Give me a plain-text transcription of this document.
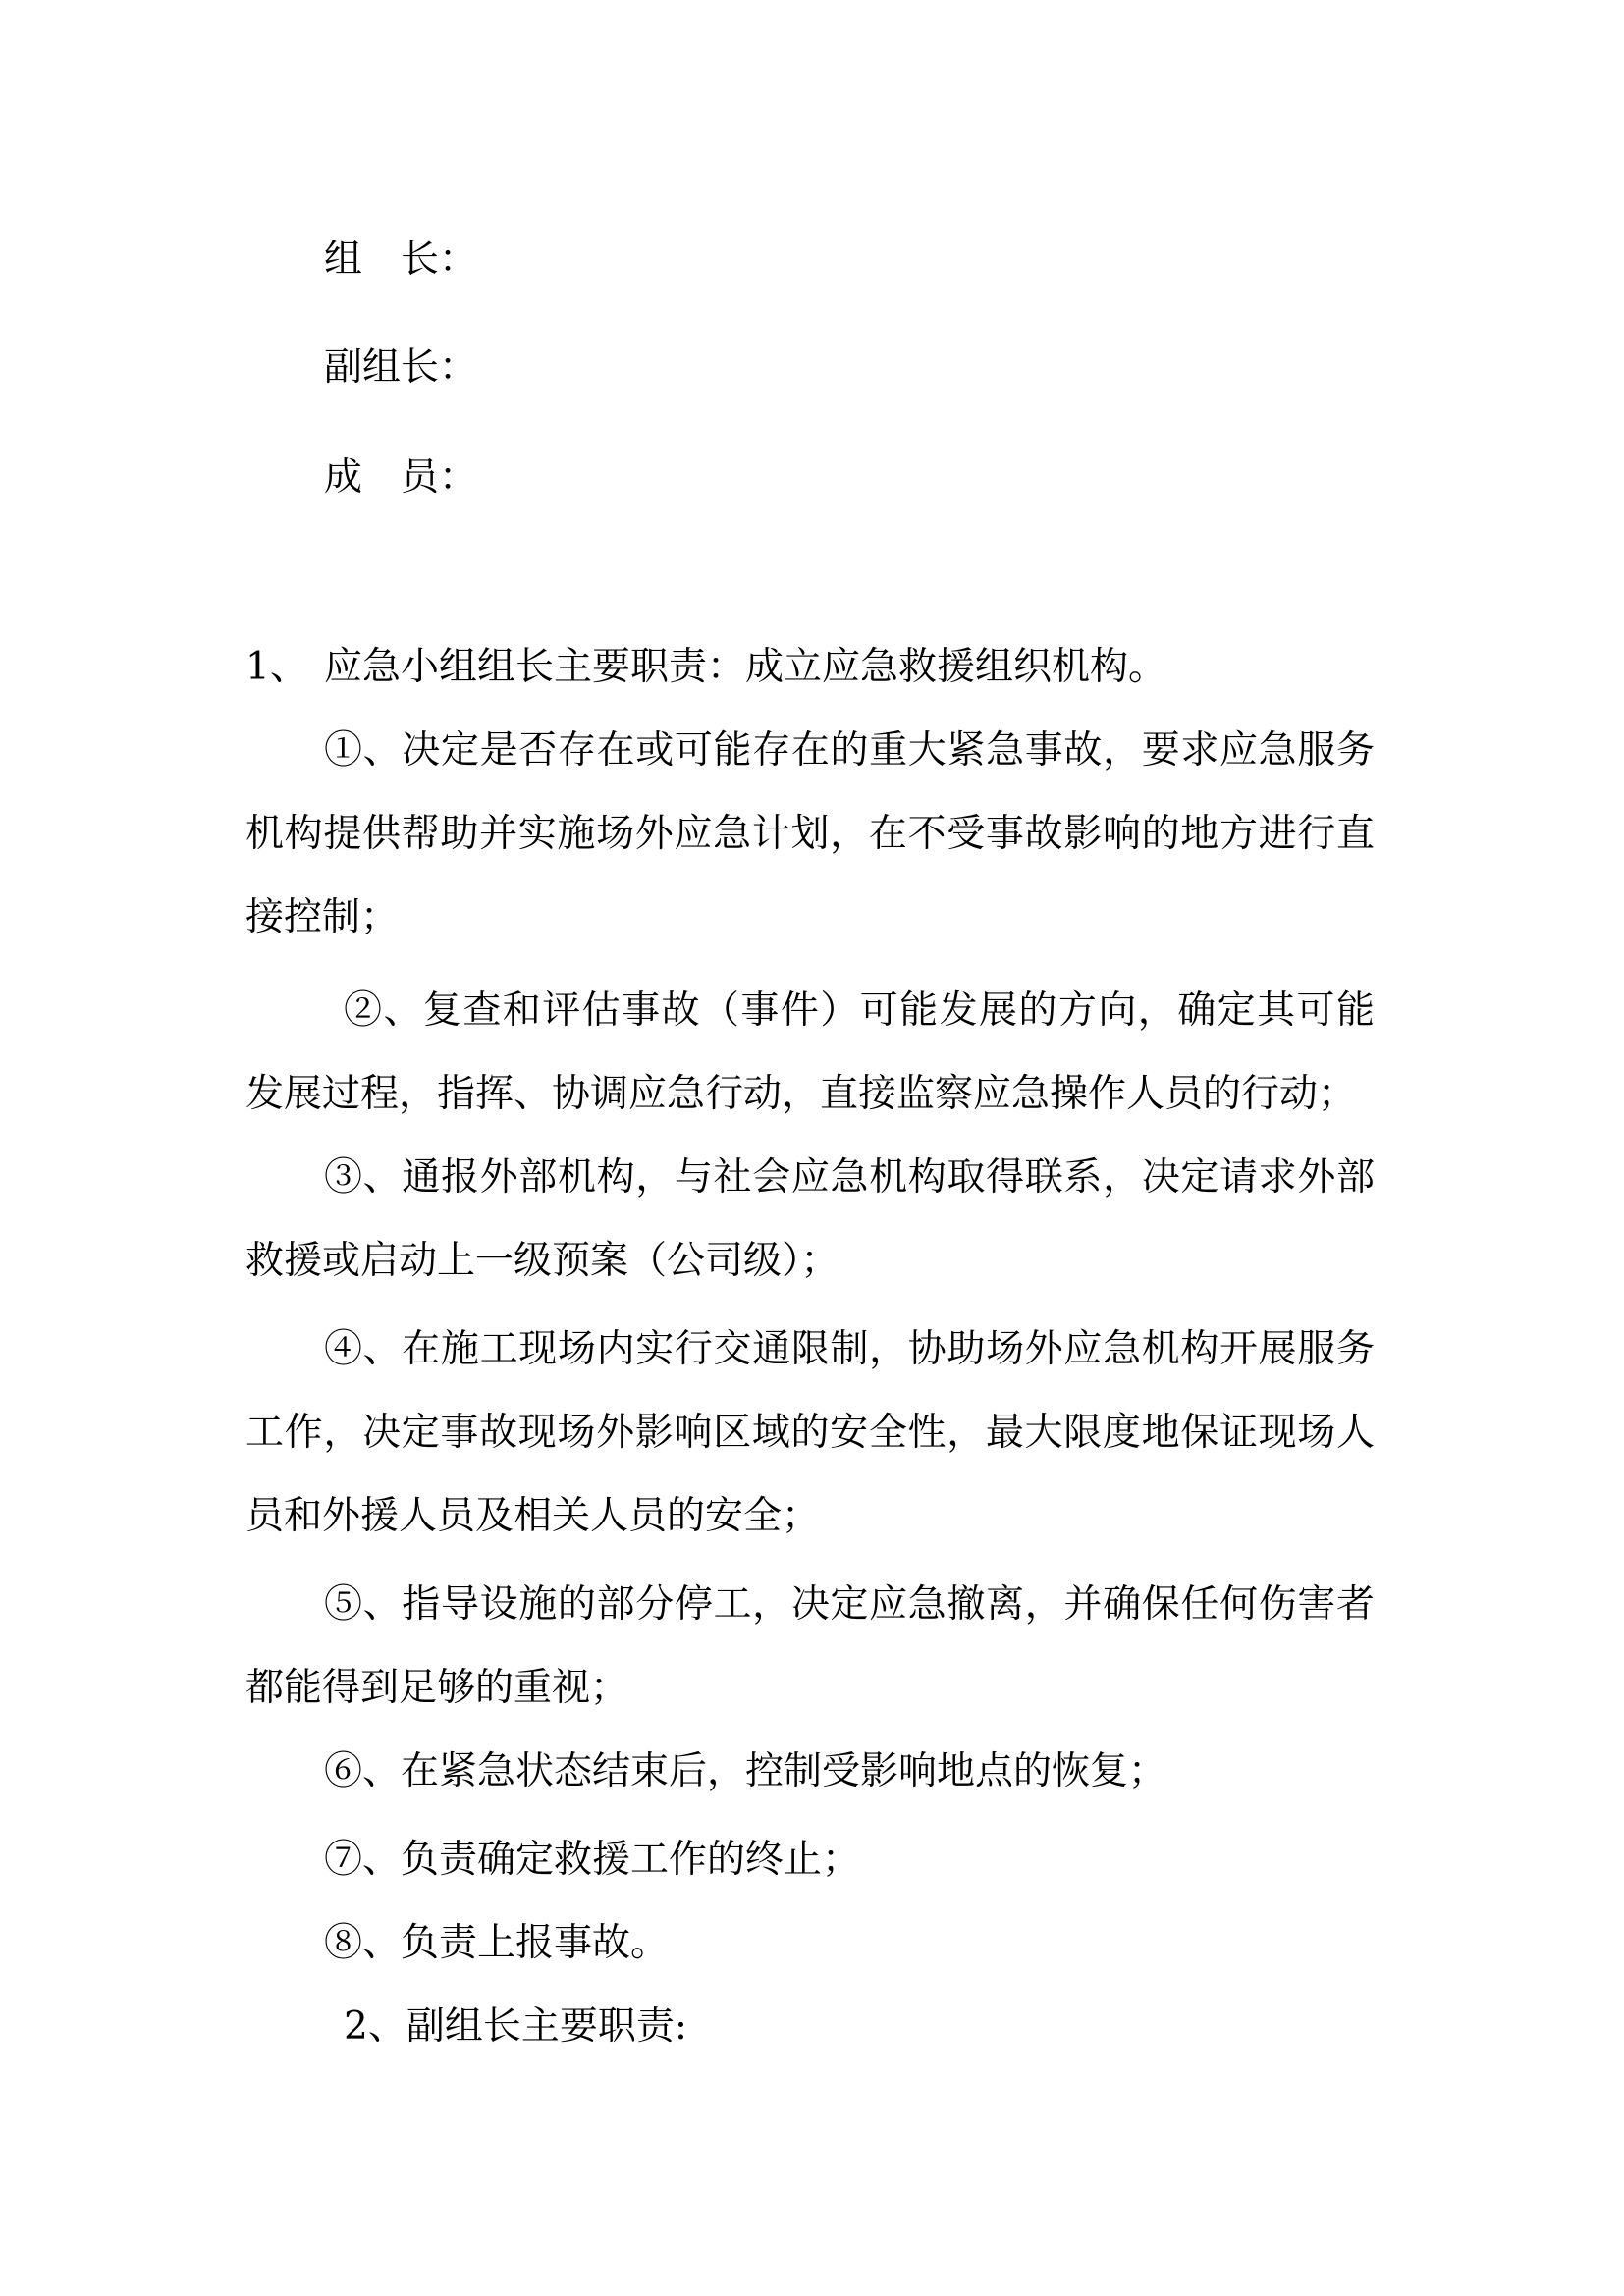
组　长：
副组长：
成　员：
1、 应急小组组长主要职责：成立应急救援组织机构。
①、决定是否存在或可能存在的重大紧急事故，要求应急服务
机构提供帮助并实施场外应急计划，在不受事故影响的地方进行直
接控制；
②、复查和评估事故（事件）可能发展的方向，确定其可能
发展过程，指挥、协调应急行动，直接监察应急操作人员的行动；
③、通报外部机构，与社会应急机构取得联系，决定请求外部
救援或启动上一级预案（公司级）；
④、在施工现场内实行交通限制，协助场外应急机构开展服务
工作，决定事故现场外影响区域的安全性，最大限度地保证现场人
员和外援人员及相关人员的安全；
⑤、指导设施的部分停工，决定应急撤离，并确保任何伤害者
都能得到足够的重视；
⑥、在紧急状态结束后，控制受影响地点的恢复；
⑦、负责确定救援工作的终止；
⑧、负责上报事故。
2、副组长主要职责:
